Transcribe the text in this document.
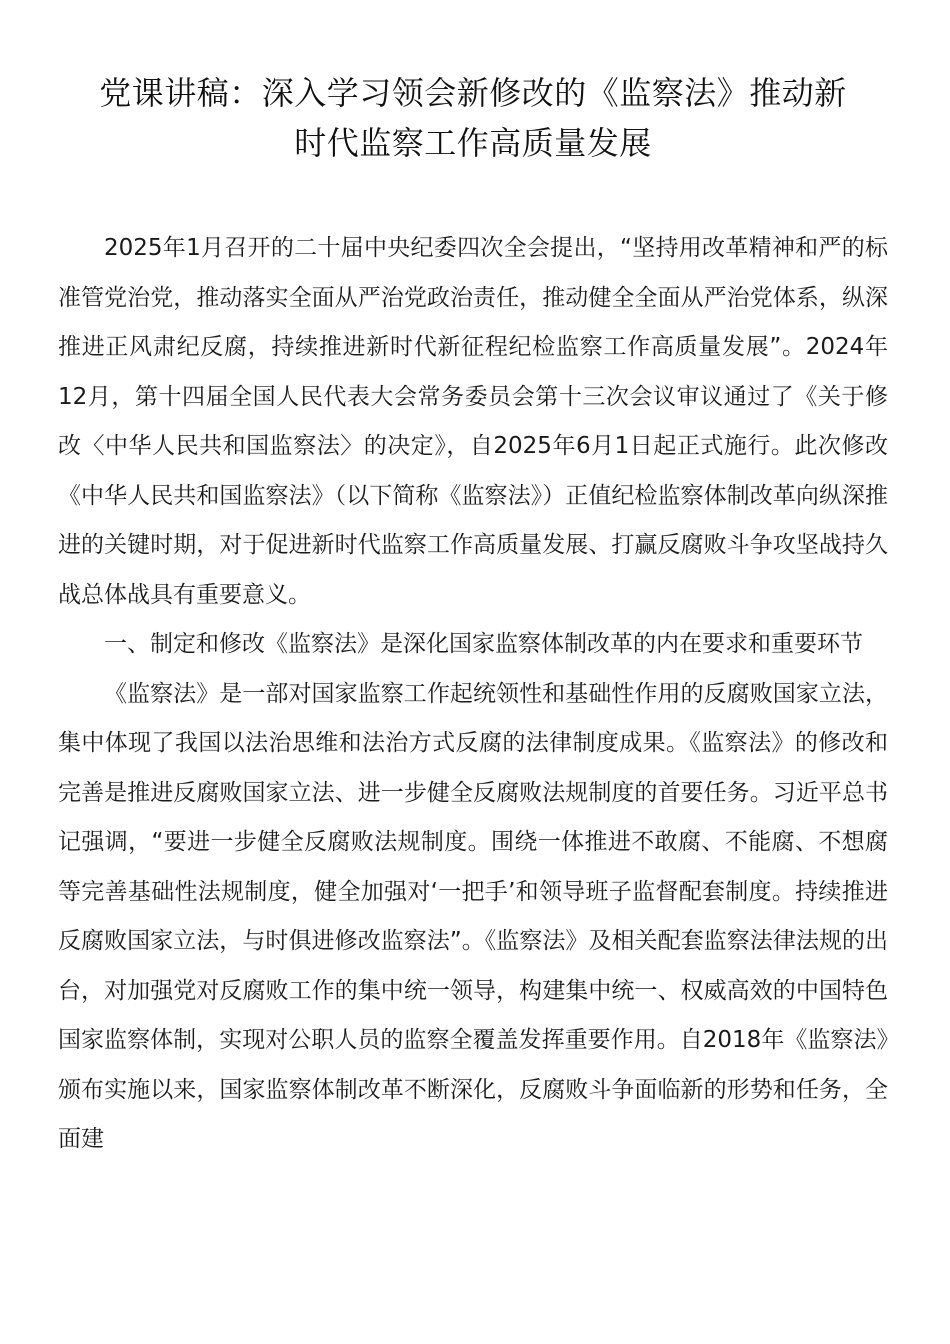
党课讲稿：深入学习领会新修改的《监察法》推动新
时代监察工作高质量发展

2025年1月召开的二十届中央纪委四次全会提出，“坚持用改革精神和严的标准管党治党，推动落实全面从严治党政治责任，推动健全全面从严治党体系，纵深推进正风肃纪反腐，持续推进新时代新征程纪检监察工作高质量发展”。2024年12月，第十四届全国人民代表大会常务委员会第十三次会议审议通过了《关于修改〈中华人民共和国监察法〉的决定》，自2025年6月1日起正式施行。此次修改《中华人民共和国监察法》（以下简称《监察法》）正值纪检监察体制改革向纵深推进的关键时期，对于促进新时代监察工作高质量发展、打赢反腐败斗争攻坚战持久战总体战具有重要意义。

一、制定和修改《监察法》是深化国家监察体制改革的内在要求和重要环节

《监察法》是一部对国家监察工作起统领性和基础性作用的反腐败国家立法，集中体现了我国以法治思维和法治方式反腐的法律制度成果。《监察法》的修改和完善是推进反腐败国家立法、进一步健全反腐败法规制度的首要任务。习近平总书记强调，“要进一步健全反腐败法规制度。围绕一体推进不敢腐、不能腐、不想腐等完善基础性法规制度，健全加强对‘一把手’和领导班子监督配套制度。持续推进反腐败国家立法，与时俱进修改监察法”。《监察法》及相关配套监察法律法规的出台，对加强党对反腐败工作的集中统一领导，构建集中统一、权威高效的中国特色国家监察体制，实现对公职人员的监察全覆盖发挥重要作用。自2018年《监察法》颁布实施以来，国家监察体制改革不断深化，反腐败斗争面临新的形势和任务，全面建
